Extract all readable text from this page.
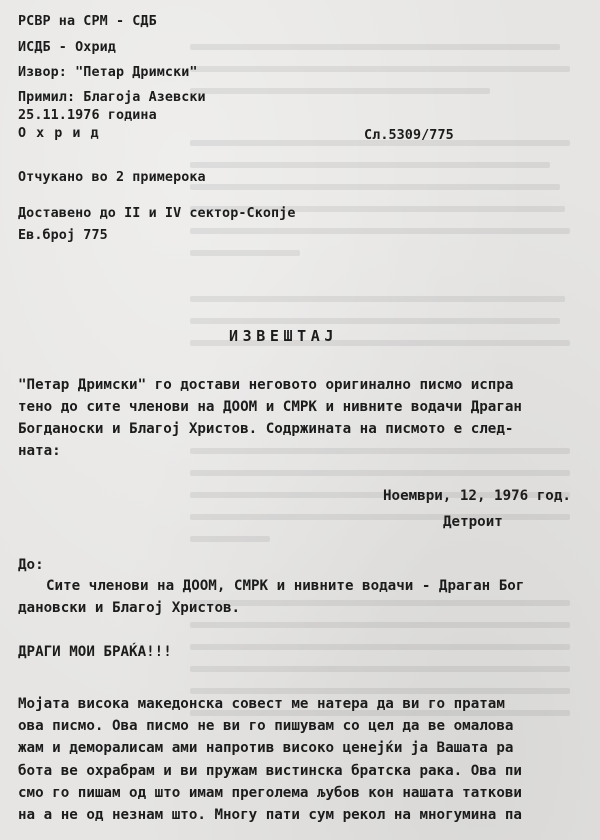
РСВР на СРМ - СДБ
ИСДБ - Охрид
Извор: "Петар Дримски"
Примил: Благоја Азевски
25.11.1976 година
О х р и д	Сл.5309/775
Отчукано во 2 примерока
Доставено до II и IV сектор-Скопје
Ев.број 775
ИЗВЕШТАЈ
"Петар Дримски" го достави неговото оригинално писмо испра
тено до сите членови на ДООМ и СМРК и нивните водачи Драган
Богданоски и Благој Христов. Содржината на писмото е след-
ната:
Ноември, 12, 1976 год.
Детроит
До:
Сите членови на ДООМ, СМРК и нивните водачи - Драган Бог
дановски и Благој Христов.
ДРАГИ МОИ БРАЌА!!!
Мојата висока македонска совест ме натера да ви го пратам
ова писмо. Ова писмо не ви го пишувам со цел да ве омалова
жам и деморалисам ами напротив високо ценејќи ја Вашата ра
бота ве охрабрам и ви пружам вистинска братска рака. Ова пи
смо го пишам од што имам преголема љубов кон нашата таткови
на а не од незнам што. Многу пати сум рекол на многумина па
